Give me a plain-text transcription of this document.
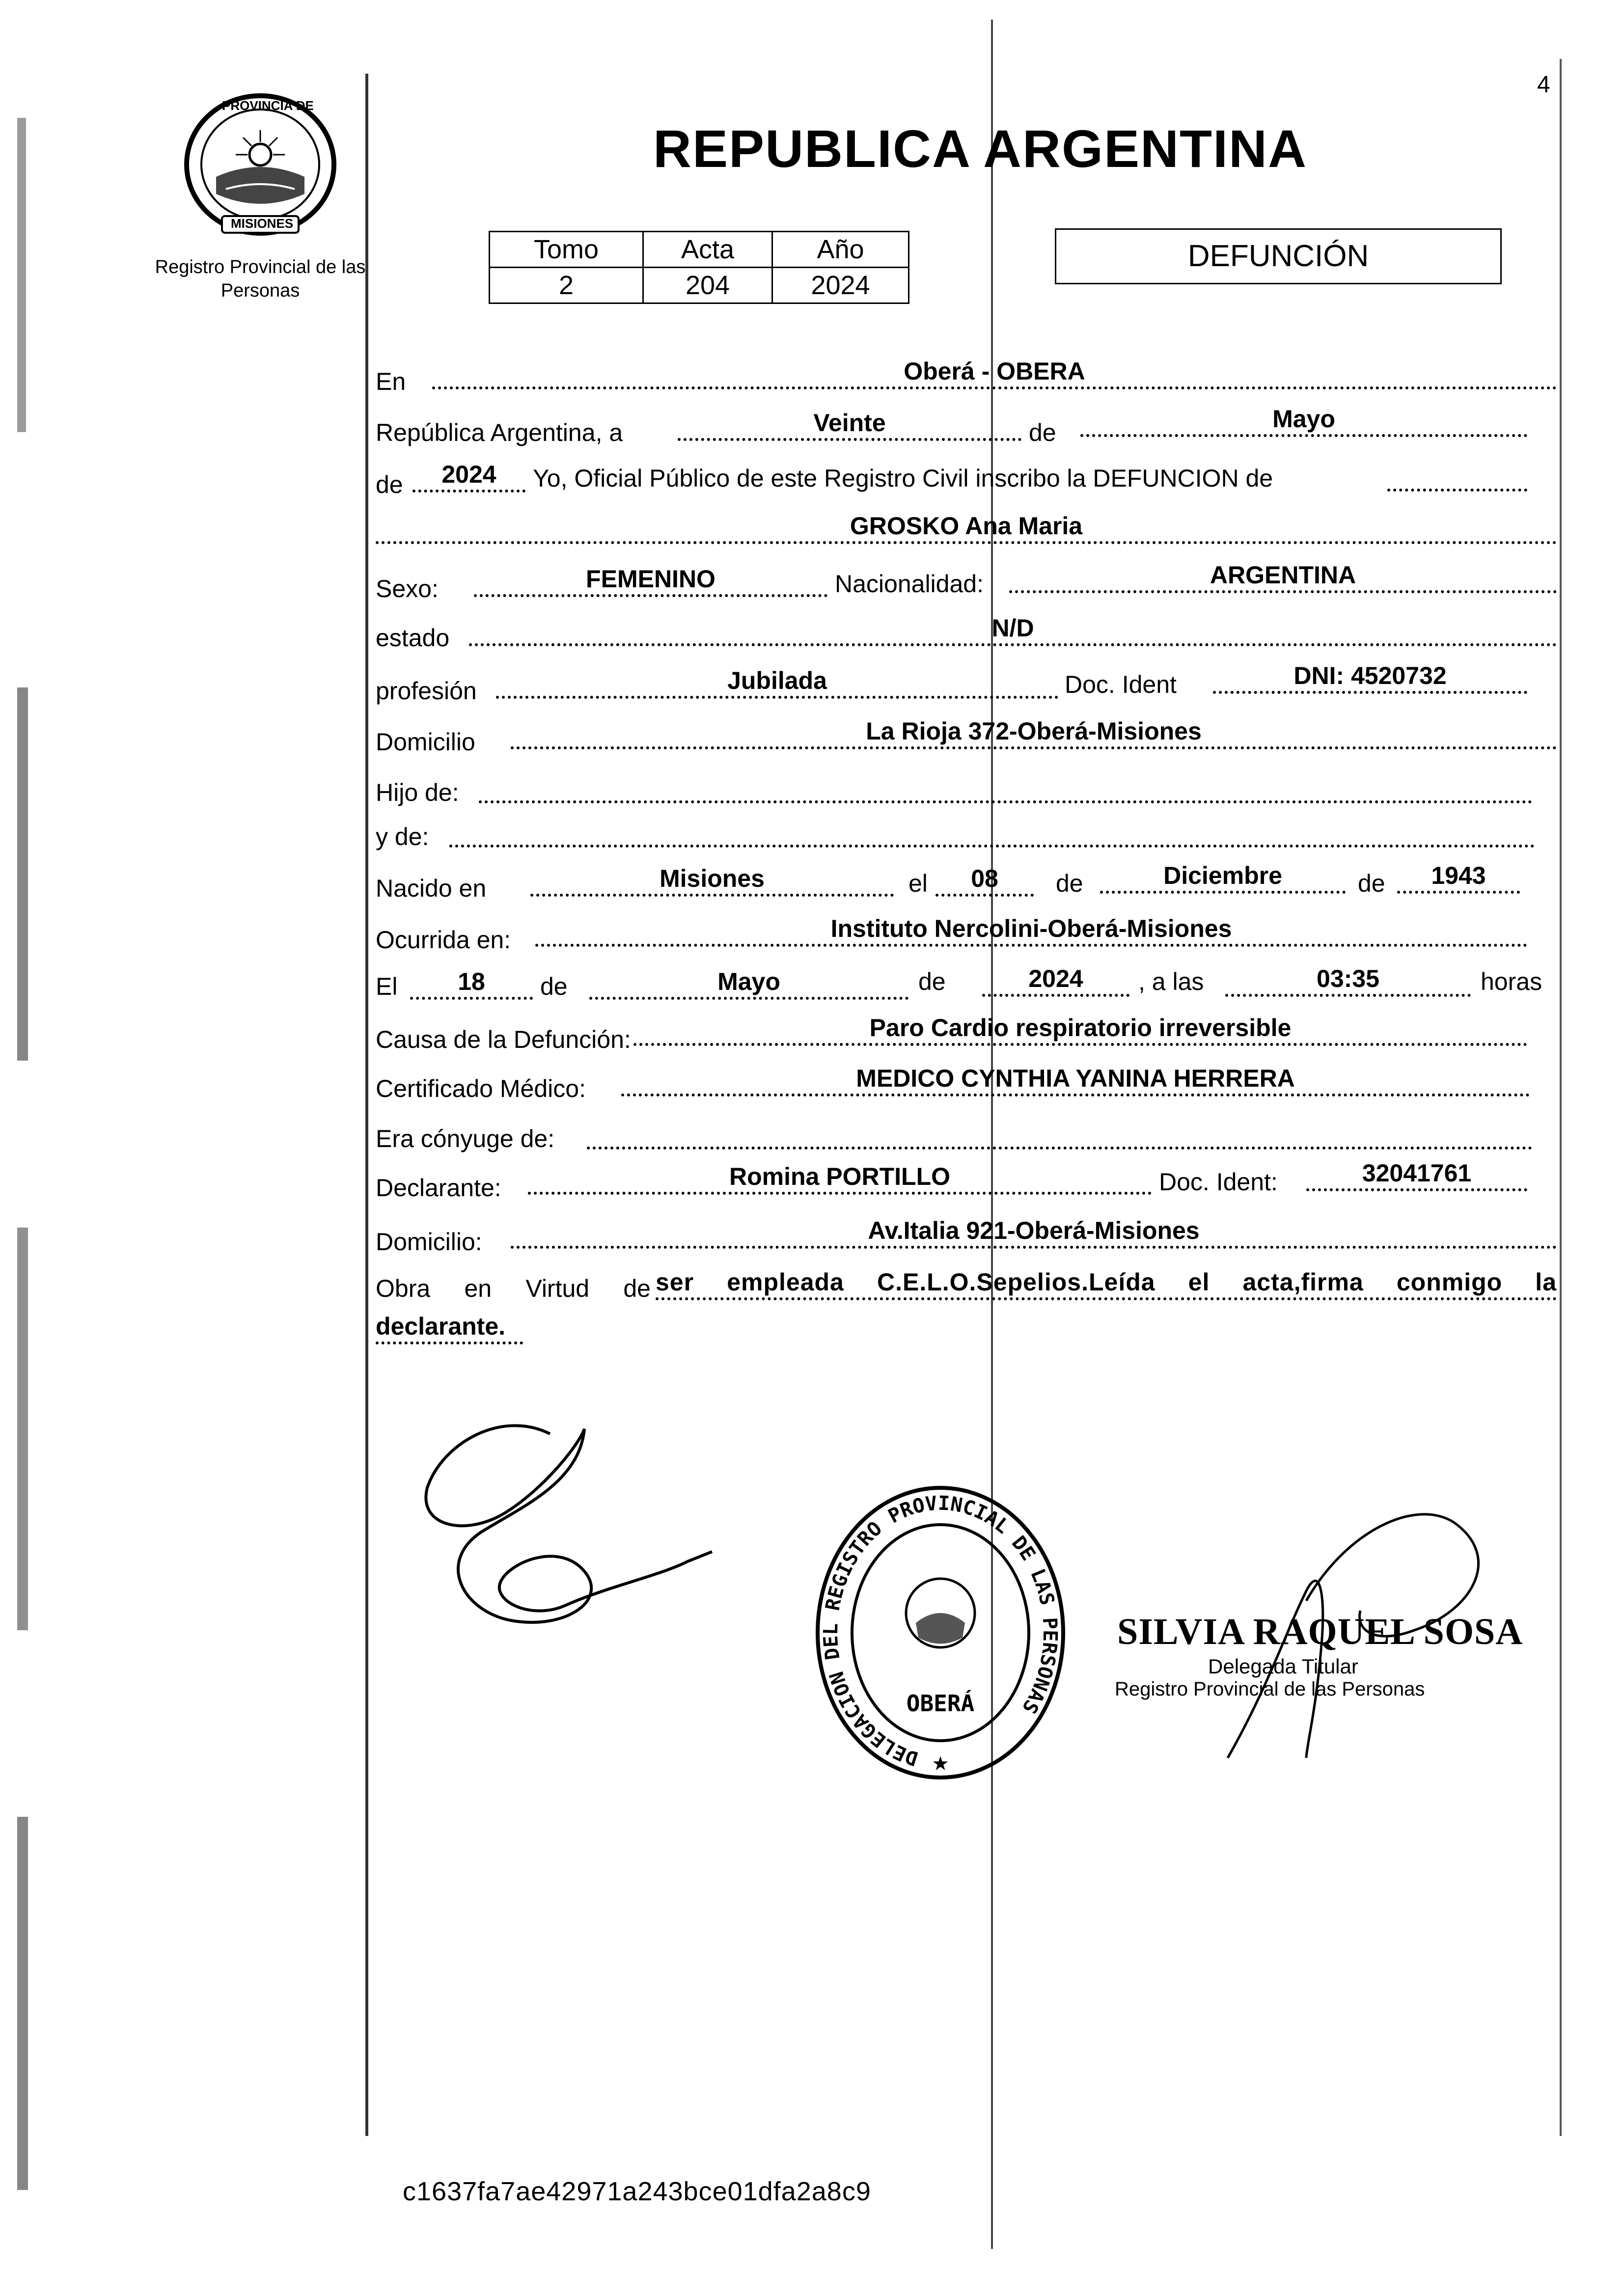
4
PROVINCIA DE
MISIONES
Registro Provincial de las Personas
REPUBLICA ARGENTINA
Tomo	Acta	Año
2	204	2024
DEFUNCIÓN
En	Oberá - OBERA
República Argentina, a	Veinte	de	Mayo
de	2024	Yo, Oficial Público de este Registro Civil inscribo la DEFUNCION de
GROSKO Ana Maria
Sexo:	FEMENINO	Nacionalidad:	ARGENTINA
estado	N/D
profesión	Jubilada	Doc. Ident	DNI: 4520732
Domicilio	La Rioja 372-Oberá-Misiones
Hijo de:
y de:
Nacido en	Misiones	el	08	de	Diciembre	de	1943
Ocurrida en:	Instituto Nercolini-Oberá-Misiones
El	18	de	Mayo	de	2024	, a las	03:35	horas
Causa de la Defunción:	Paro Cardio respiratorio irreversible
Certificado Médico:	MEDICO CYNTHIA YANINA HERRERA
Era cónyuge de:
Declarante:	Romina PORTILLO	Doc. Ident:	32041761
Domicilio:	Av.Italia 921-Oberá-Misiones
Obra en Virtud de ser empleada C.E.L.O.Sepelios.Leída el acta,firma conmigo la
declarante.
DELEGACION DEL REGISTRO PROVINCIAL DE LAS PERSONAS
OBERÁ
★
SILVIA RAQUEL SOSA
Delegada Titular
Registro Provincial de las Personas
c1637fa7ae42971a243bce01dfa2a8c9
